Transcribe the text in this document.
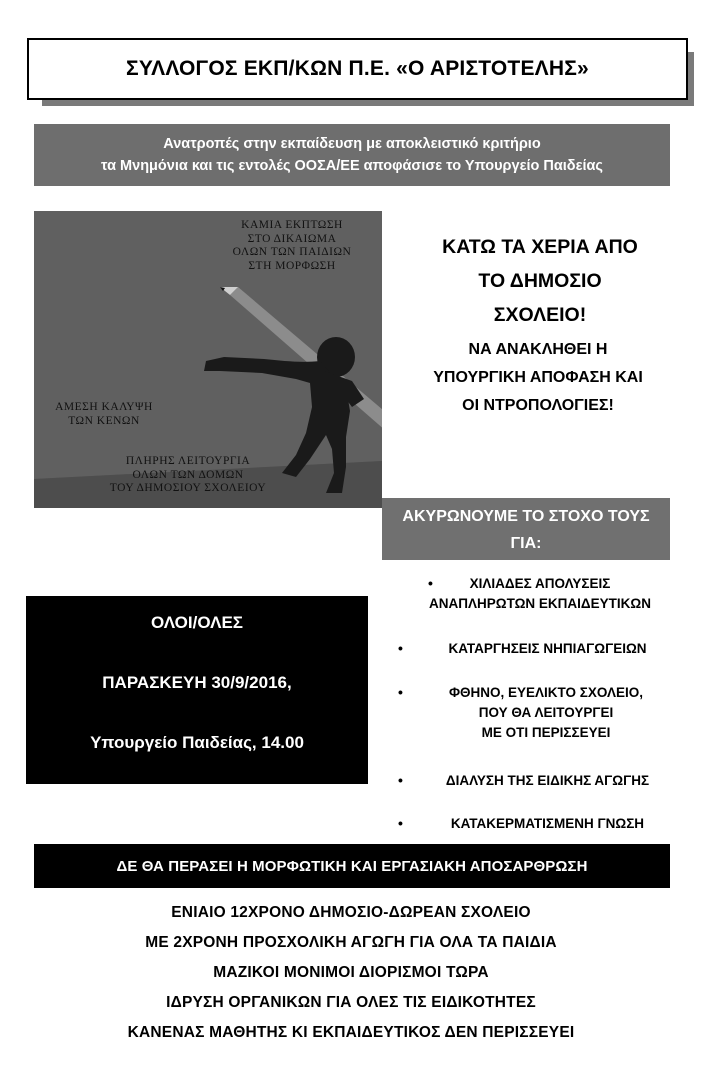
ΣΥΛΛΟΓΟΣ ΕΚΠ/ΚΩΝ Π.Ε. «Ο ΑΡΙΣΤΟΤΕΛΗΣ»
Ανατροπές στην εκπαίδευση με αποκλειστικό κριτήριο
τα Μνημόνια και τις εντολές ΟΟΣΑ/ΕΕ αποφάσισε το Υπουργείο Παιδείας
ΚΑΜΙΑ ΕΚΠΤΩΣΗ
ΣΤΟ ΔΙΚΑΙΩΜΑ
ΟΛΩΝ ΤΩΝ ΠΑΙΔΙΩΝ
ΣΤΗ ΜΟΡΦΩΣΗ
ΑΜΕΣΗ ΚΑΛΥΨΗ
ΤΩΝ ΚΕΝΩΝ
ΠΛΗΡΗΣ ΛΕΙΤΟΥΡΓΙΑ
ΟΛΩΝ ΤΩΝ ΔΟΜΩΝ
ΤΟΥ ΔΗΜΟΣΙΟΥ ΣΧΟΛΕΙΟΥ
ΚΑΤΩ ΤΑ ΧΕΡΙΑ ΑΠΟ
ΤΟ ΔΗΜΟΣΙΟ
ΣΧΟΛΕΙΟ!
ΝΑ ΑΝΑΚΛΗΘΕΙ Η
ΥΠΟΥΡΓΙΚΗ ΑΠΟΦΑΣΗ ΚΑΙ
ΟΙ ΝΤΡΟΠΟΛΟΓΙΕΣ!
ΑΚΥΡΩΝΟΥΜΕ ΤΟ ΣΤΟΧΟ ΤΟΥΣ
ΓΙΑ:
•	ΧΙΛΙΑΔΕΣ ΑΠΟΛΥΣΕΙΣ
ΑΝΑΠΛΗΡΩΤΩΝ ΕΚΠΑΙΔΕΥΤΙΚΩΝ
•	ΚΑΤΑΡΓΗΣΕΙΣ ΝΗΠΙΑΓΩΓΕΙΩΝ
•	ΦΘΗΝΟ, ΕΥΕΛΙΚΤΟ ΣΧΟΛΕΙΟ,
ΠΟΥ ΘΑ ΛΕΙΤΟΥΡΓΕΙ
ΜΕ ΟΤΙ ΠΕΡΙΣΣΕΥΕΙ
•	ΔΙΑΛΥΣΗ ΤΗΣ ΕΙΔΙΚΗΣ ΑΓΩΓΗΣ
•	ΚΑΤΑΚΕΡΜΑΤΙΣΜΕΝΗ ΓΝΩΣΗ
ΟΛΟΙ/ΟΛΕΣ
ΠΑΡΑΣΚΕΥΗ 30/9/2016,
Υπουργείο Παιδείας, 14.00
ΔΕ ΘΑ ΠΕΡΑΣΕΙ Η ΜΟΡΦΩΤΙΚΗ ΚΑΙ ΕΡΓΑΣΙΑΚΗ ΑΠΟΣΑΡΘΡΩΣΗ
ΕΝΙΑΙΟ 12ΧΡΟΝΟ ΔΗΜΟΣΙΟ-ΔΩΡΕΑΝ ΣΧΟΛΕΙΟ
ΜΕ 2ΧΡΟΝΗ ΠΡΟΣΧΟΛΙΚΗ ΑΓΩΓΗ ΓΙΑ ΟΛΑ ΤΑ ΠΑΙΔΙΑ
ΜΑΖΙΚΟΙ ΜΟΝΙΜΟΙ ΔΙΟΡΙΣΜΟΙ ΤΩΡΑ
ΙΔΡΥΣΗ ΟΡΓΑΝΙΚΩΝ ΓΙΑ ΟΛΕΣ ΤΙΣ ΕΙΔΙΚΟΤΗΤΕΣ
ΚΑΝΕΝΑΣ ΜΑΘΗΤΗΣ ΚΙ ΕΚΠΑΙΔΕΥΤΙΚΟΣ ΔΕΝ ΠΕΡΙΣΣΕΥΕΙ
